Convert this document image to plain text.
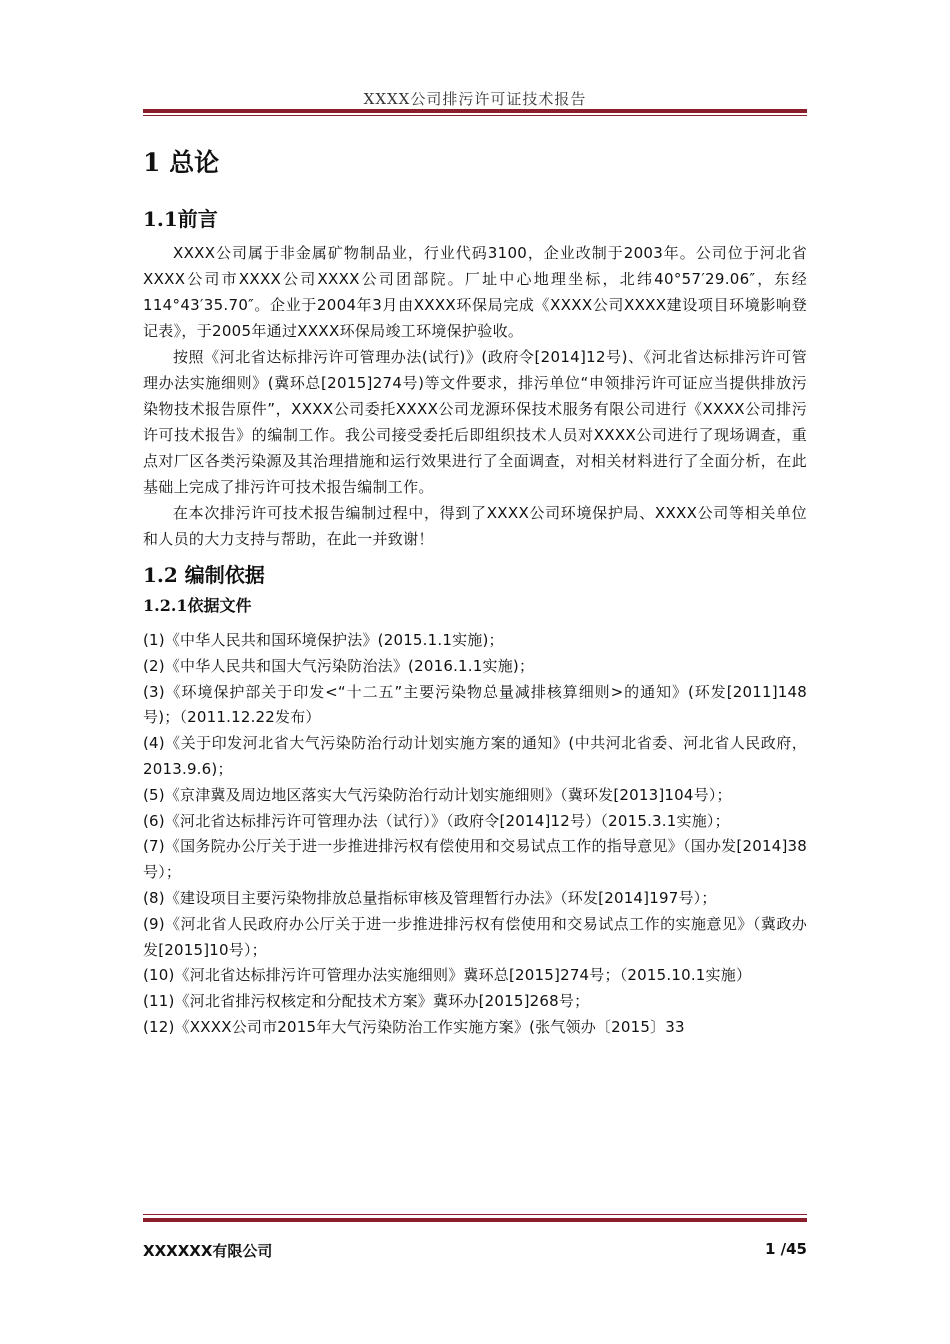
XXXX公司排污许可证技术报告
1 总论
1.1前言

XXXX公司属于非金属矿物制品业，行业代码3100，企业改制于2003年。公司位于河北省XXXX公司市XXXX公司XXXX公司团部院。厂址中心地理坐标，北纬40°57′29.06″，东经114°43′35.70″。企业于2004年3月由XXXX环保局完成《XXXX公司XXXX建设项目环境影响登记表》，于2005年通过XXXX环保局竣工环境保护验收。

按照《河北省达标排污许可管理办法(试行)》(政府令[2014]12号)、《河北省达标排污许可管理办法实施细则》(冀环总[2015]274号)等文件要求，排污单位“申领排污许可证应当提供排放污染物技术报告原件”，XXXX公司委托XXXX公司龙源环保技术服务有限公司进行《XXXX公司排污许可技术报告》的编制工作。我公司接受委托后即组织技术人员对XXXX公司进行了现场调查，重点对厂区各类污染源及其治理措施和运行效果进行了全面调查，对相关材料进行了全面分析，在此基础上完成了排污许可技术报告编制工作。

在本次排污许可技术报告编制过程中，得到了XXXX公司环境保护局、XXXX公司等相关单位和人员的大力支持与帮助，在此一并致谢！

1.2 编制依据
1.2.1依据文件

(1)《中华人民共和国环境保护法》(2015.1.1实施)；

(2)《中华人民共和国大气污染防治法》(2016.1.1实施)；

(3)《环境保护部关于印发<“十二五”主要污染物总量减排核算细则>的通知》(环发[2011]148号)；（2011.12.22发布）

(4)《关于印发河北省大气污染防治行动计划实施方案的通知》(中共河北省委、河北省人民政府，2013.9.6)；

(5)《京津冀及周边地区落实大气污染防治行动计划实施细则》（冀环发[2013]104号）；

(6)《河北省达标排污许可管理办法（试行）》（政府令[2014]12号）（2015.3.1实施）；

(7)《国务院办公厅关于进一步推进排污权有偿使用和交易试点工作的指导意见》（国办发[2014]38号）；

(8)《建设项目主要污染物排放总量指标审核及管理暂行办法》（环发[2014]197号）；

(9)《河北省人民政府办公厅关于进一步推进排污权有偿使用和交易试点工作的实施意见》（冀政办发[2015]10号）；

(10)《河北省达标排污许可管理办法实施细则》冀环总[2015]274号；（2015.10.1实施）

(11)《河北省排污权核定和分配技术方案》冀环办[2015]268号；

(12)《XXXX公司市2015年大气污染防治工作实施方案》(张气领办〔2015〕33

XXXXXX有限公司	1 /45
